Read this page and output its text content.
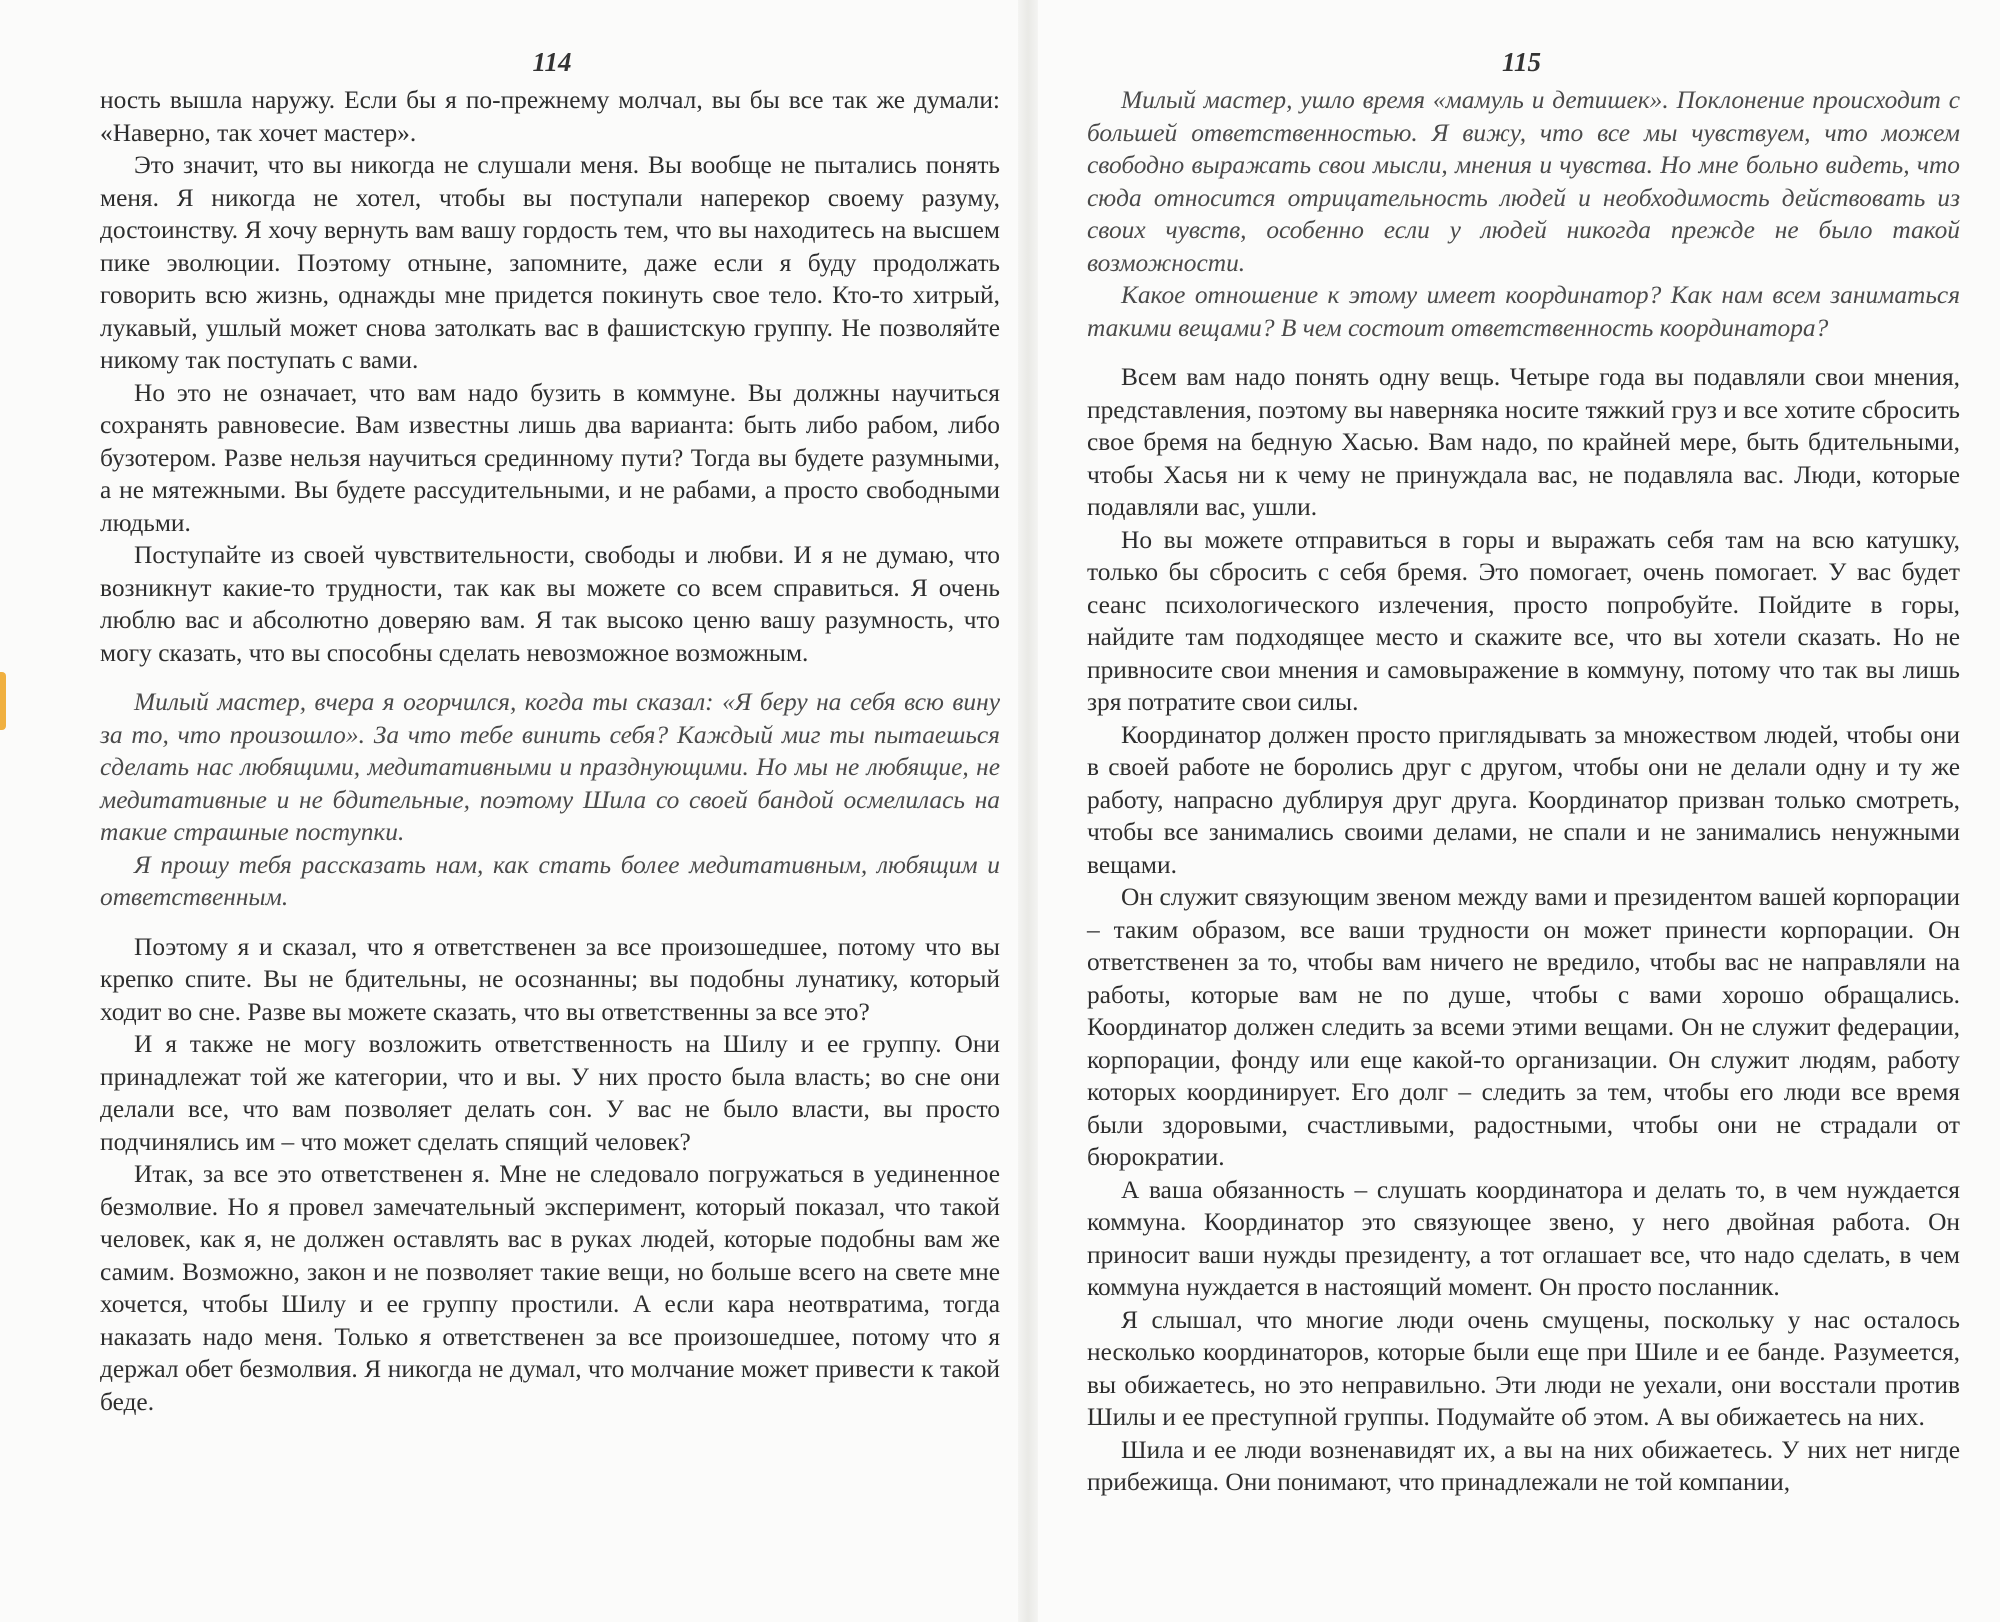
114

ность вышла наружу. Если бы я по-прежнему молчал, вы бы все так же думали: «Наверно, так хочет мастер».

Это значит, что вы никогда не слушали меня. Вы вообще не пытались понять меня. Я никогда не хотел, чтобы вы поступали наперекор своему разуму, достоинству. Я хочу вернуть вам вашу гордость тем, что вы находитесь на высшем пике эволюции. Поэтому отныне, запомните, даже если я буду продолжать говорить всю жизнь, однажды мне придется покинуть свое тело. Кто-то хитрый, лукавый, ушлый может снова затолкать вас в фашистскую группу. Не позволяйте никому так поступать с вами.

Но это не означает, что вам надо бузить в коммуне. Вы должны научиться сохранять равновесие. Вам известны лишь два варианта: быть либо рабом, либо бузотером. Разве нельзя научиться срединному пути? Тогда вы будете разумными, а не мятежными. Вы будете рассудительными, и не рабами, а просто свободными людьми.

Поступайте из своей чувствительности, свободы и любви. И я не думаю, что возникнут какие-то трудности, так как вы можете со всем справиться. Я очень люблю вас и абсолютно доверяю вам. Я так высоко ценю вашу разумность, что могу сказать, что вы способны сделать невозможное возможным.

Милый мастер, вчера я огорчился, когда ты сказал: «Я беру на себя всю вину за то, что произошло». За что тебе винить себя? Каждый миг ты пытаешься сделать нас любящими, медитативными и празднующими. Но мы не любящие, не медитативные и не бдительные, поэтому Шила со своей бандой осмелилась на такие страшные поступки.

Я прошу тебя рассказать нам, как стать более медитативным, любящим и ответственным.

Поэтому я и сказал, что я ответственен за все произошедшее, потому что вы крепко спите. Вы не бдительны, не осознанны; вы подобны лунатику, который ходит во сне. Разве вы можете сказать, что вы ответственны за все это?

И я также не могу возложить ответственность на Шилу и ее группу. Они принадлежат той же категории, что и вы. У них просто была власть; во сне они делали все, что вам позволяет делать сон. У вас не было власти, вы просто подчинялись им – что может сделать спящий человек?

Итак, за все это ответственен я. Мне не следовало погружаться в уединенное безмолвие. Но я провел замечательный эксперимент, который показал, что такой человек, как я, не должен оставлять вас в руках людей, которые подобны вам же самим. Возможно, закон и не позволяет такие вещи, но больше всего на свете мне хочется, чтобы Шилу и ее группу простили. А если кара неотвратима, тогда наказать надо меня. Только я ответственен за все произошедшее, потому что я держал обет безмолвия. Я никогда не думал, что молчание может привести к такой беде.

115

Милый мастер, ушло время «мамуль и детишек». Поклонение происходит с большей ответственностью. Я вижу, что все мы чувствуем, что можем свободно выражать свои мысли, мнения и чувства. Но мне больно видеть, что сюда относится отрицательность людей и необходимость действовать из своих чувств, особенно если у людей никогда прежде не было такой возможности.

Какое отношение к этому имеет координатор? Как нам всем заниматься такими вещами? В чем состоит ответственность координатора?

Всем вам надо понять одну вещь. Четыре года вы подавляли свои мнения, представления, поэтому вы наверняка носите тяжкий груз и все хотите сбросить свое бремя на бедную Хасью. Вам надо, по крайней мере, быть бдительными, чтобы Хасья ни к чему не принуждала вас, не подавляла вас. Люди, которые подавляли вас, ушли.

Но вы можете отправиться в горы и выражать себя там на всю катушку, только бы сбросить с себя бремя. Это помогает, очень помогает. У вас будет сеанс психологического излечения, просто попробуйте. Пойдите в горы, найдите там подходящее место и скажите все, что вы хотели сказать. Но не привносите свои мнения и самовыражение в коммуну, потому что так вы лишь зря потратите свои силы.

Координатор должен просто приглядывать за множеством людей, чтобы они в своей работе не боролись друг с другом, чтобы они не делали одну и ту же работу, напрасно дублируя друг друга. Координатор призван только смотреть, чтобы все занимались своими делами, не спали и не занимались ненужными вещами.

Он служит связующим звеном между вами и президентом вашей корпорации – таким образом, все ваши трудности он может принести корпорации. Он ответственен за то, чтобы вам ничего не вредило, чтобы вас не направляли на работы, которые вам не по душе, чтобы с вами хорошо обращались. Координатор должен следить за всеми этими вещами. Он не служит федерации, корпорации, фонду или еще какой-то организации. Он служит людям, работу которых координирует. Его долг – следить за тем, чтобы его люди все время были здоровыми, счастливыми, радостными, чтобы они не страдали от бюрократии.

А ваша обязанность – слушать координатора и делать то, в чем нуждается коммуна. Координатор это связующее звено, у него двойная работа. Он приносит ваши нужды президенту, а тот оглашает все, что надо сделать, в чем коммуна нуждается в настоящий момент. Он просто посланник.

Я слышал, что многие люди очень смущены, поскольку у нас осталось несколько координаторов, которые были еще при Шиле и ее банде. Разумеется, вы обижаетесь, но это неправильно. Эти люди не уехали, они восстали против Шилы и ее преступной группы. Подумайте об этом. А вы обижаетесь на них.

Шила и ее люди возненавидят их, а вы на них обижаетесь. У них нет нигде прибежища. Они понимают, что принадлежали не той компании,
